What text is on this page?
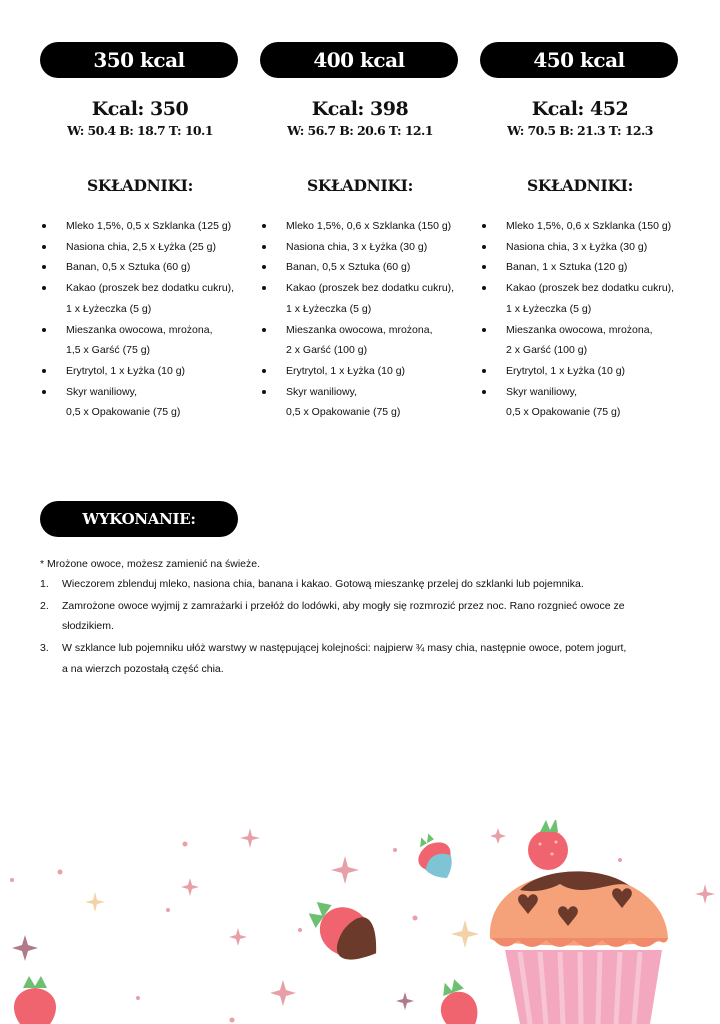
350 kcal
Kcal: 350
W: 50.4 B: 18.7 T: 10.1
SKŁADNIKI:
Mleko 1,5%, 0,5 x Szklanka (125 g)
Nasiona chia, 2,5 x Łyżka (25 g)
Banan, 0,5 x Sztuka (60 g)
Kakao (proszek bez dodatku cukru),
1 x Łyżeczka (5 g)
Mieszanka owocowa, mrożona,
1,5 x Garść (75 g)
Erytrytol, 1 x Łyżka (10 g)
Skyr waniliowy,
0,5 x Opakowanie (75 g)
400 kcal
Kcal: 398
W: 56.7 B: 20.6 T: 12.1
SKŁADNIKI:
Mleko 1,5%, 0,6 x Szklanka (150 g)
Nasiona chia, 3 x Łyżka (30 g)
Banan, 0,5 x Sztuka (60 g)
Kakao (proszek bez dodatku cukru),
1 x Łyżeczka (5 g)
Mieszanka owocowa, mrożona,
2 x Garść (100 g)
Erytrytol, 1 x Łyżka (10 g)
Skyr waniliowy,
0,5 x Opakowanie (75 g)
450 kcal
Kcal: 452
W: 70.5 B: 21.3 T: 12.3
SKŁADNIKI:
Mleko 1,5%, 0,6 x Szklanka (150 g)
Nasiona chia, 3 x Łyżka (30 g)
Banan, 1 x Sztuka (120 g)
Kakao (proszek bez dodatku cukru),
1 x Łyżeczka (5 g)
Mieszanka owocowa, mrożona,
2 x Garść (100 g)
Erytrytol, 1 x Łyżka (10 g)
Skyr waniliowy,
0,5 x Opakowanie (75 g)
WYKONANIE:
* Mrożone owoce, możesz zamienić na świeże.
1. Wieczorem zblenduj mleko, nasiona chia, banana i kakao. Gotową mieszankę przelej do szklanki lub pojemnika.
2. Zamrożone owoce wyjmij z zamrażarki i przełóż do lodówki, aby mogły się rozmrozić przez noc. Rano rozgnieć owoce ze
słodzikiem.
3. W szklance lub pojemniku ułóż warstwy w następującej kolejności: najpierw ¾ masy chia, następnie owoce, potem jogurt,
a na wierzch pozostałą część chia.
